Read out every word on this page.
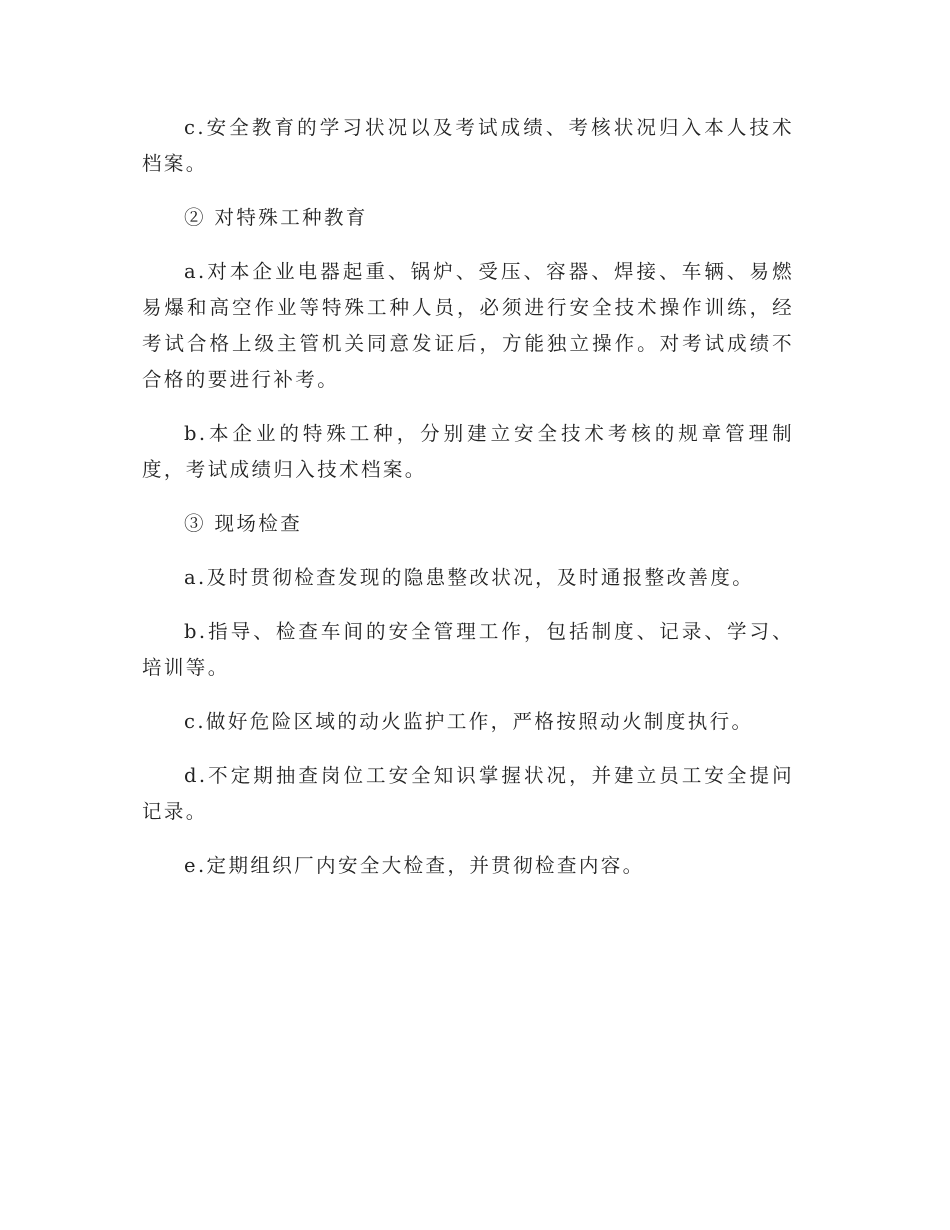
c.安全教育的学习状况以及考试成绩、考核状况归入本人技术档案。

② 对特殊工种教育

a.对本企业电器起重、锅炉、受压、容器、焊接、车辆、易燃易爆和高空作业等特殊工种人员，必须进行安全技术操作训练，经考试合格上级主管机关同意发证后，方能独立操作。对考试成绩不合格的要进行补考。

b.本企业的特殊工种，分别建立安全技术考核的规章管理制度，考试成绩归入技术档案。

③ 现场检查

a.及时贯彻检查发现的隐患整改状况，及时通报整改善度。

b.指导、检查车间的安全管理工作，包括制度、记录、学习、培训等。

c.做好危险区域的动火监护工作，严格按照动火制度执行。

d.不定期抽查岗位工安全知识掌握状况，并建立员工安全提问记录。

e.定期组织厂内安全大检查，并贯彻检查内容。
